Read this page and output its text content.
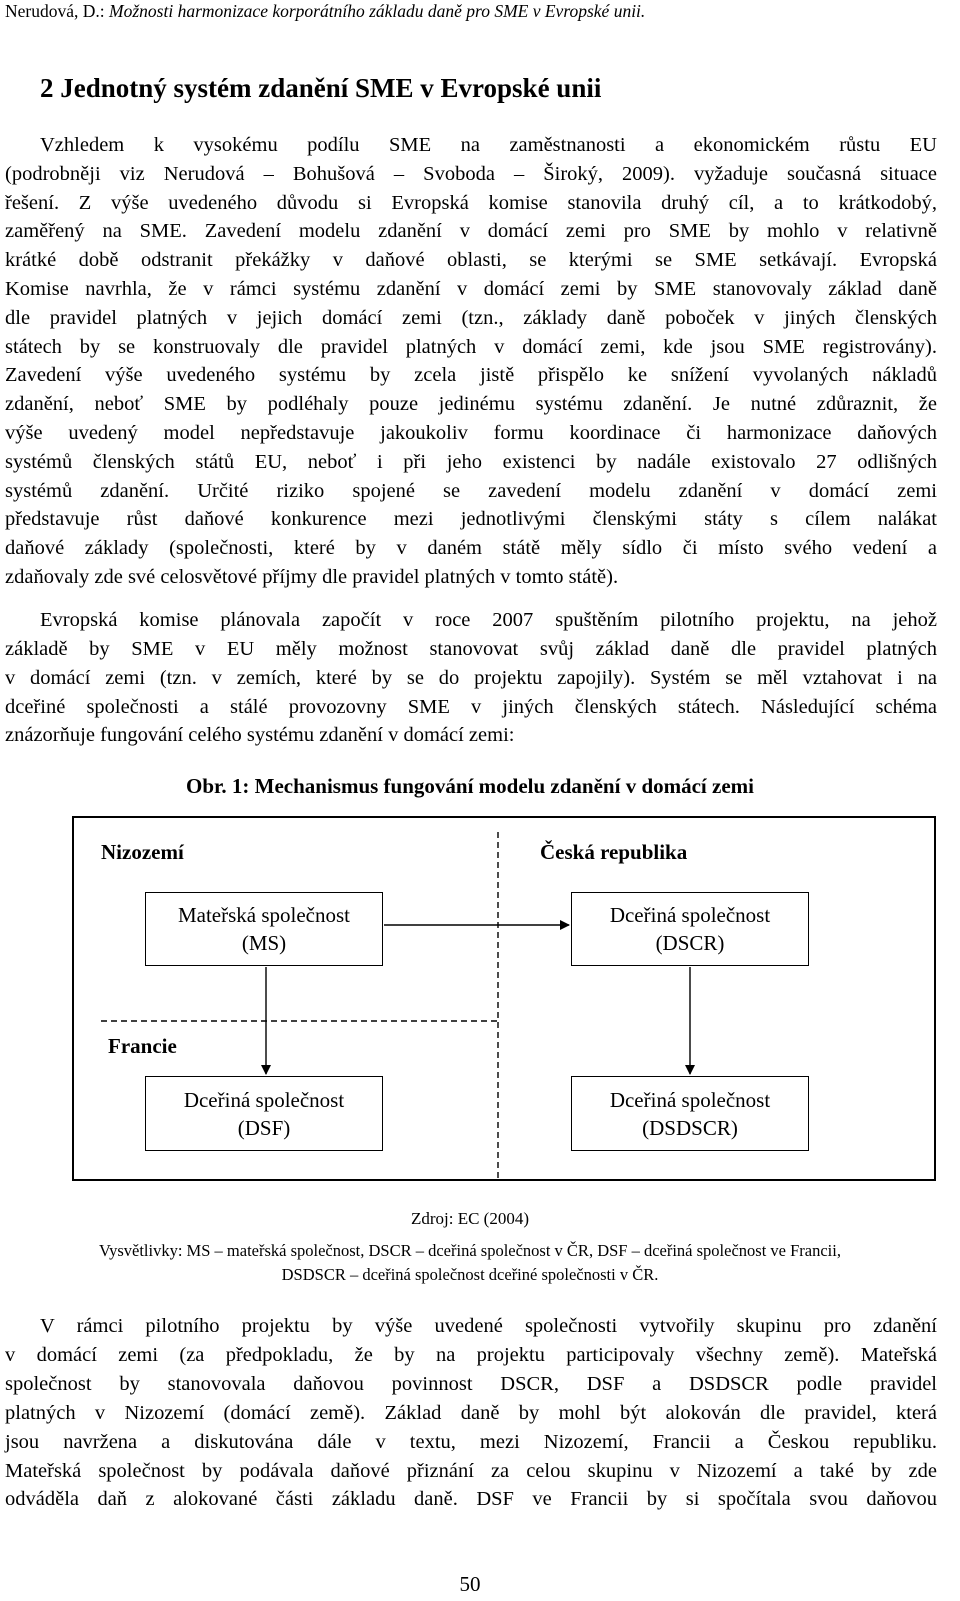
Nerudová, D.: Možnosti harmonizace korporátního základu daně pro SME v Evropské unii.
2 Jednotný systém zdanění SME v Evropské unii
Vzhledem k vysokému podílu SME na zaměstnanosti a ekonomickém růstu EU
(podrobněji viz Nerudová – Bohušová – Svoboda – Široký, 2009). vyžaduje současná situace
řešení. Z výše uvedeného důvodu si Evropská komise stanovila druhý cíl, a to krátkodobý,
zaměřený na SME. Zavedení modelu zdanění v domácí zemi pro SME by mohlo v relativně
krátké době odstranit překážky v daňové oblasti, se kterými se SME setkávají. Evropská
Komise navrhla, že v rámci systému zdanění v domácí zemi by SME stanovovaly základ daně
dle pravidel platných v jejich domácí zemi (tzn., základy daně poboček v jiných členských
státech by se konstruovaly dle pravidel platných v domácí zemi, kde jsou SME registrovány).
Zavedení výše uvedeného systému by zcela jistě přispělo ke snížení vyvolaných nákladů
zdanění, neboť SME by podléhaly pouze jedinému systému zdanění. Je nutné zdůraznit, že
výše uvedený model nepředstavuje jakoukoliv formu koordinace či harmonizace daňových
systémů členských států EU, neboť i při jeho existenci by nadále existovalo 27 odlišných
systémů zdanění. Určité riziko spojené se zavedení modelu zdanění v domácí zemi
představuje růst daňové konkurence mezi jednotlivými členskými státy s cílem nalákat
daňové základy (společnosti, které by v daném státě měly sídlo či místo svého vedení a
zdaňovaly zde své celosvětové příjmy dle pravidel platných v tomto státě).
Evropská komise plánovala započít v roce 2007 spuštěním pilotního projektu, na jehož
základě by SME v EU měly možnost stanovovat svůj základ daně dle pravidel platných
v domácí zemi (tzn. v zemích, které by se do projektu zapojily). Systém se měl vztahovat i na
dceřiné společnosti a stálé provozovny SME v jiných členských státech. Následující schéma
znázorňuje fungování celého systému zdanění v domácí zemi:
Obr. 1: Mechanismus fungování modelu zdanění v domácí zemi
Nizozemí	Česká republika
Francie
Mateřská společnost
(MS)
Dceřiná společnost
(DSCR)
Dceřiná společnost
(DSF)
Dceřiná společnost
(DSDSCR)
Zdroj: EC (2004)
Vysvětlivky: MS – mateřská společnost, DSCR – dceřiná společnost v ČR, DSF – dceřiná společnost ve Francii,
DSDSCR – dceřiná společnost dceřiné společnosti v ČR.
V rámci pilotního projektu by výše uvedené společnosti vytvořily skupinu pro zdanění
v domácí zemi (za předpokladu, že by na projektu participovaly všechny země). Mateřská
společnost by stanovovala daňovou povinnost DSCR, DSF a DSDSCR podle pravidel
platných v Nizozemí (domácí země). Základ daně by mohl být alokován dle pravidel, která
jsou navržena a diskutována dále v textu, mezi Nizozemí, Francii a Českou republiku.
Mateřská společnost by podávala daňové přiznání za celou skupinu v Nizozemí a také by zde
odváděla daň z alokované části základu daně. DSF ve Francii by si spočítala svou daňovou
50
